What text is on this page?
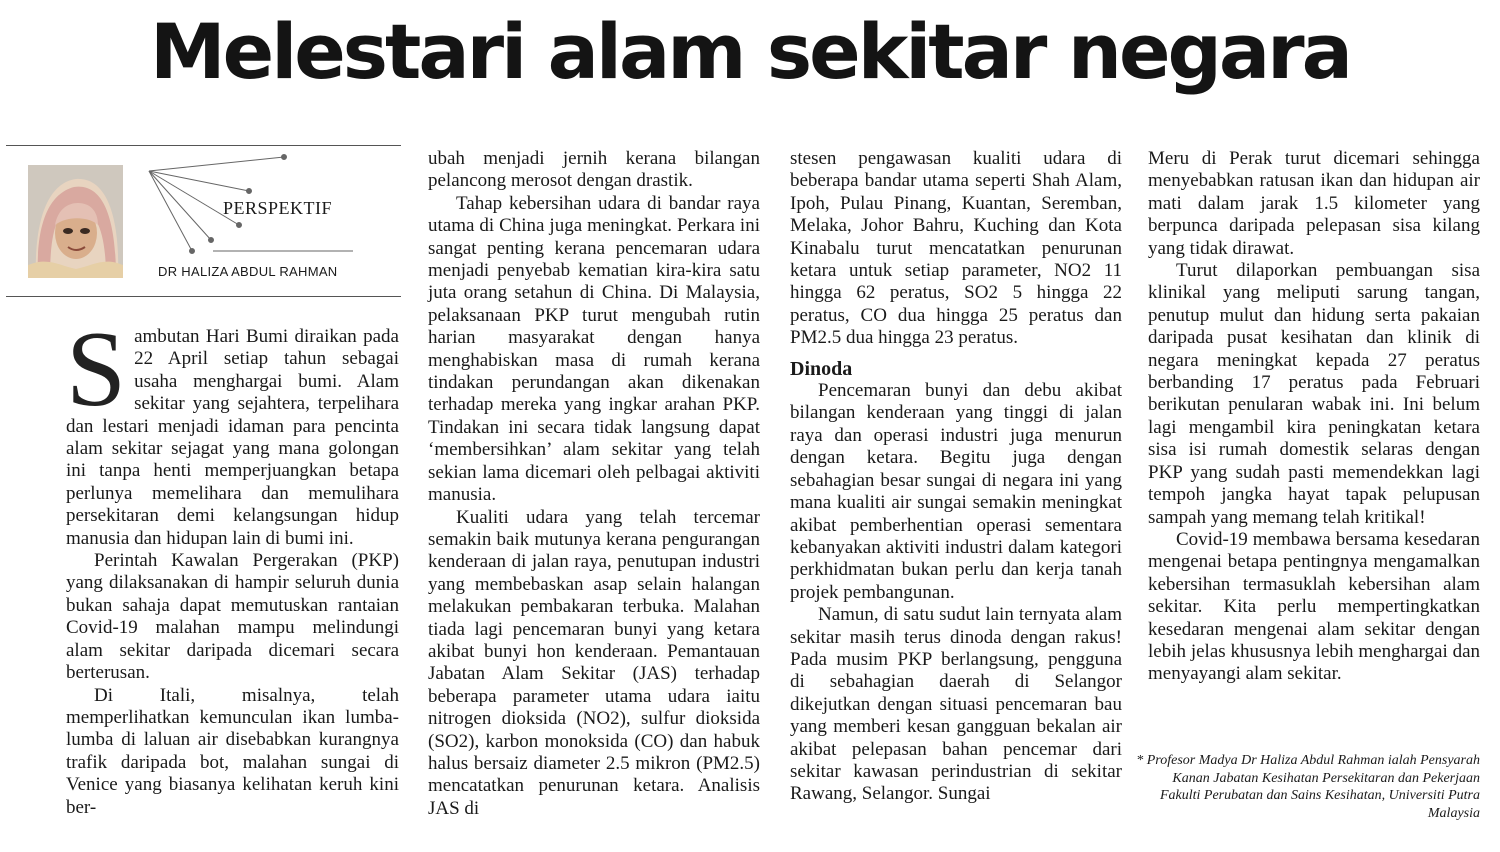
Melestari alam sekitar negara
PERSPEKTIF
DR HALIZA ABDUL RAHMAN
S ambutan Hari Bumi diraikan pada 22 April setiap tahun sebagai usaha menghargai bumi. Alam sekitar yang sejahtera, terpelihara dan lestari menjadi idaman para pencinta alam sekitar sejagat yang mana golongan ini tanpa henti memperjuangkan betapa perlunya memelihara dan memulihara persekitaran demi kelangsungan hidup manusia dan hidupan lain di bumi ini.

Perintah Kawalan Pergerakan (PKP) yang dilaksanakan di hampir seluruh dunia bukan sahaja dapat memutuskan rantaian Covid-19 malahan mampu melindungi alam sekitar daripada dicemari secara berterusan.

Di Itali, misalnya, telah memperlihatkan kemunculan ikan lumba-lumba di laluan air disebabkan kurangnya trafik daripada bot, malahan sungai di Venice yang biasanya kelihatan keruh kini ber-

ubah menjadi jernih kerana bilangan pelancong merosot dengan drastik.

Tahap kebersihan udara di bandar raya utama di China juga meningkat. Perkara ini sangat penting kerana pencemaran udara menjadi penyebab kematian kira-kira satu juta orang setahun di China. Di Malaysia, pelaksanaan PKP turut mengubah rutin harian masyarakat dengan hanya menghabiskan masa di rumah kerana tindakan perundangan akan dikenakan terhadap mereka yang ingkar arahan PKP. Tindakan ini secara tidak langsung dapat ‘membersihkan’ alam sekitar yang telah sekian lama dicemari oleh pelbagai aktiviti manusia.

Kualiti udara yang telah tercemar semakin baik mutunya kerana pengurangan kenderaan di jalan raya, penutupan industri yang membebaskan asap selain halangan melakukan pembakaran terbuka. Malahan tiada lagi pencemaran bunyi yang ketara akibat bunyi hon kenderaan. Pemantauan Jabatan Alam Sekitar (JAS) terhadap beberapa parameter utama udara iaitu nitrogen dioksida (NO2), sulfur dioksida (SO2), karbon monoksida (CO) dan habuk halus bersaiz diameter 2.5 mikron (PM2.5) mencatatkan penurunan ketara. Analisis JAS di

stesen pengawasan kualiti udara di beberapa bandar utama seperti Shah Alam, Ipoh, Pulau Pinang, Kuantan, Seremban, Melaka, Johor Bahru, Kuching dan Kota Kinabalu turut mencatatkan penurunan ketara untuk setiap parameter, NO2 11 hingga 62 peratus, SO2 5 hingga 22 peratus, CO dua hingga 25 peratus dan PM2.5 dua hingga 23 peratus.

Dinoda

Pencemaran bunyi dan debu akibat bilangan kenderaan yang tinggi di jalan raya dan operasi industri juga menurun dengan ketara. Begitu juga dengan sebahagian besar sungai di negara ini yang mana kualiti air sungai semakin meningkat akibat pemberhentian operasi sementara kebanyakan aktiviti industri dalam kategori perkhidmatan bukan perlu dan kerja tanah projek pembangunan.

Namun, di satu sudut lain ternyata alam sekitar masih terus dinoda dengan rakus! Pada musim PKP berlangsung, pengguna di sebahagian daerah di Selangor dikejutkan dengan situasi pencemaran bau yang memberi kesan gangguan bekalan air akibat pelepasan bahan pencemar dari sekitar kawasan perindustrian di sekitar Rawang, Selangor. Sungai

Meru di Perak turut dicemari sehingga menyebabkan ratusan ikan dan hidupan air mati dalam jarak 1.5 kilometer yang berpunca daripada pelepasan sisa kilang yang tidak dirawat.

Turut dilaporkan pembuangan sisa klinikal yang meliputi sarung tangan, penutup mulut dan hidung serta pakaian daripada pusat kesihatan dan klinik di negara meningkat kepada 27 peratus berbanding 17 peratus pada Februari berikutan penularan wabak ini. Ini belum lagi mengambil kira peningkatan ketara sisa isi rumah domestik selaras dengan PKP yang sudah pasti memendekkan lagi tempoh jangka hayat tapak pelupusan sampah yang memang telah kritikal!

Covid-19 membawa bersama kesedaran mengenai betapa pentingnya mengamalkan kebersihan termasuklah kebersihan alam sekitar. Kita perlu mempertingkatkan kesedaran mengenai alam sekitar dengan lebih jelas khususnya lebih menghargai dan menyayangi alam sekitar.

* Profesor Madya Dr Haliza Abdul Rahman ialah Pensyarah Kanan Jabatan Kesihatan Persekitaran dan Pekerjaan Fakulti Perubatan dan Sains Kesihatan, Universiti Putra Malaysia
